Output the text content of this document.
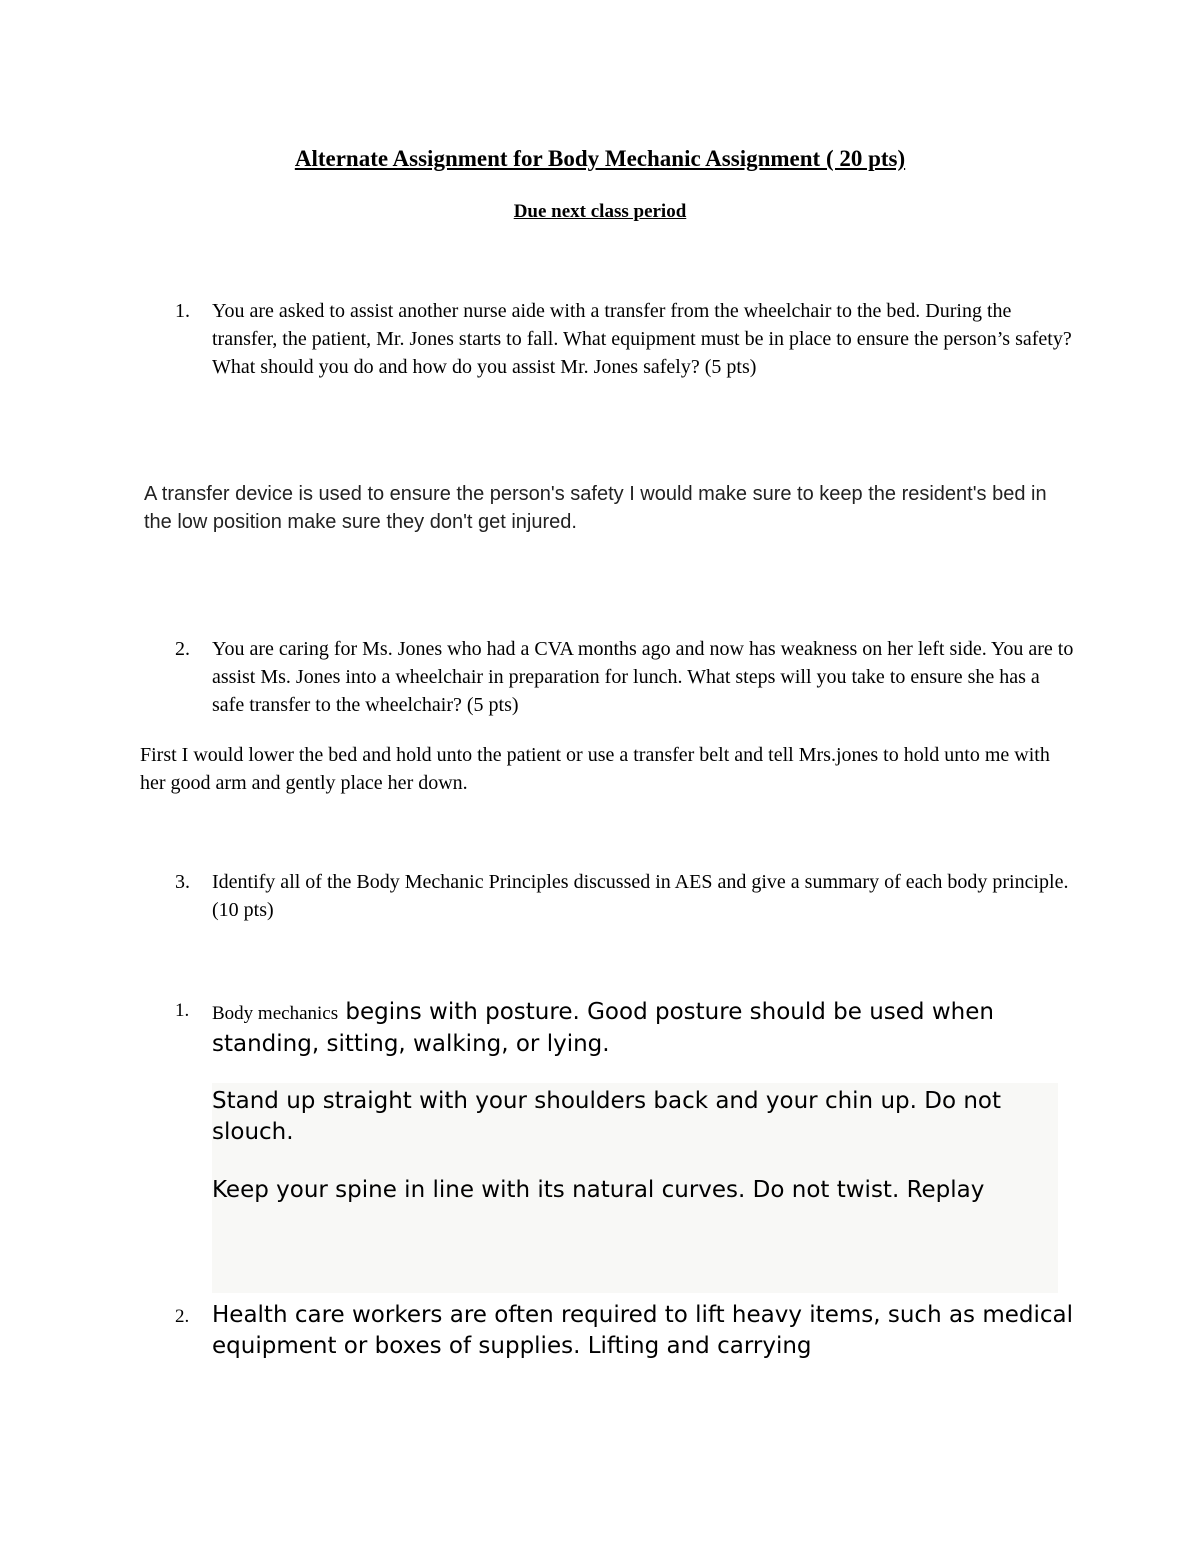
Alternate Assignment for Body Mechanic Assignment ( 20 pts)
Due next class period
1.	You are asked to assist another nurse aide with a transfer from the wheelchair to the bed. During the transfer, the patient, Mr. Jones starts to fall. What equipment must be in place to ensure the person’s safety? What should you do and how do you assist Mr. Jones safely? (5 pts)
A transfer device is used to ensure the person's safety I would make sure to keep the resident's bed in the low position make sure they don't get injured.
2.	You are caring for Ms. Jones who had a CVA months ago and now has weakness on her left side. You are to assist Ms. Jones into a wheelchair in preparation for lunch. What steps will you take to ensure she has a safe transfer to the wheelchair? (5 pts)
First I would lower the bed and hold unto the patient or use a transfer belt and tell Mrs.jones to hold unto me with her good arm and gently place her down.
3.	Identify all of the Body Mechanic Principles discussed in AES and give a summary of each body principle. (10 pts)
1. Body mechanics begins with posture. Good posture should be used when standing, sitting, walking, or lying.

Stand up straight with your shoulders back and your chin up. Do not slouch.

Keep your spine in line with its natural curves. Do not twist. Replay

2. Health care workers are often required to lift heavy items, such as medical equipment or boxes of supplies. Lifting and carrying
